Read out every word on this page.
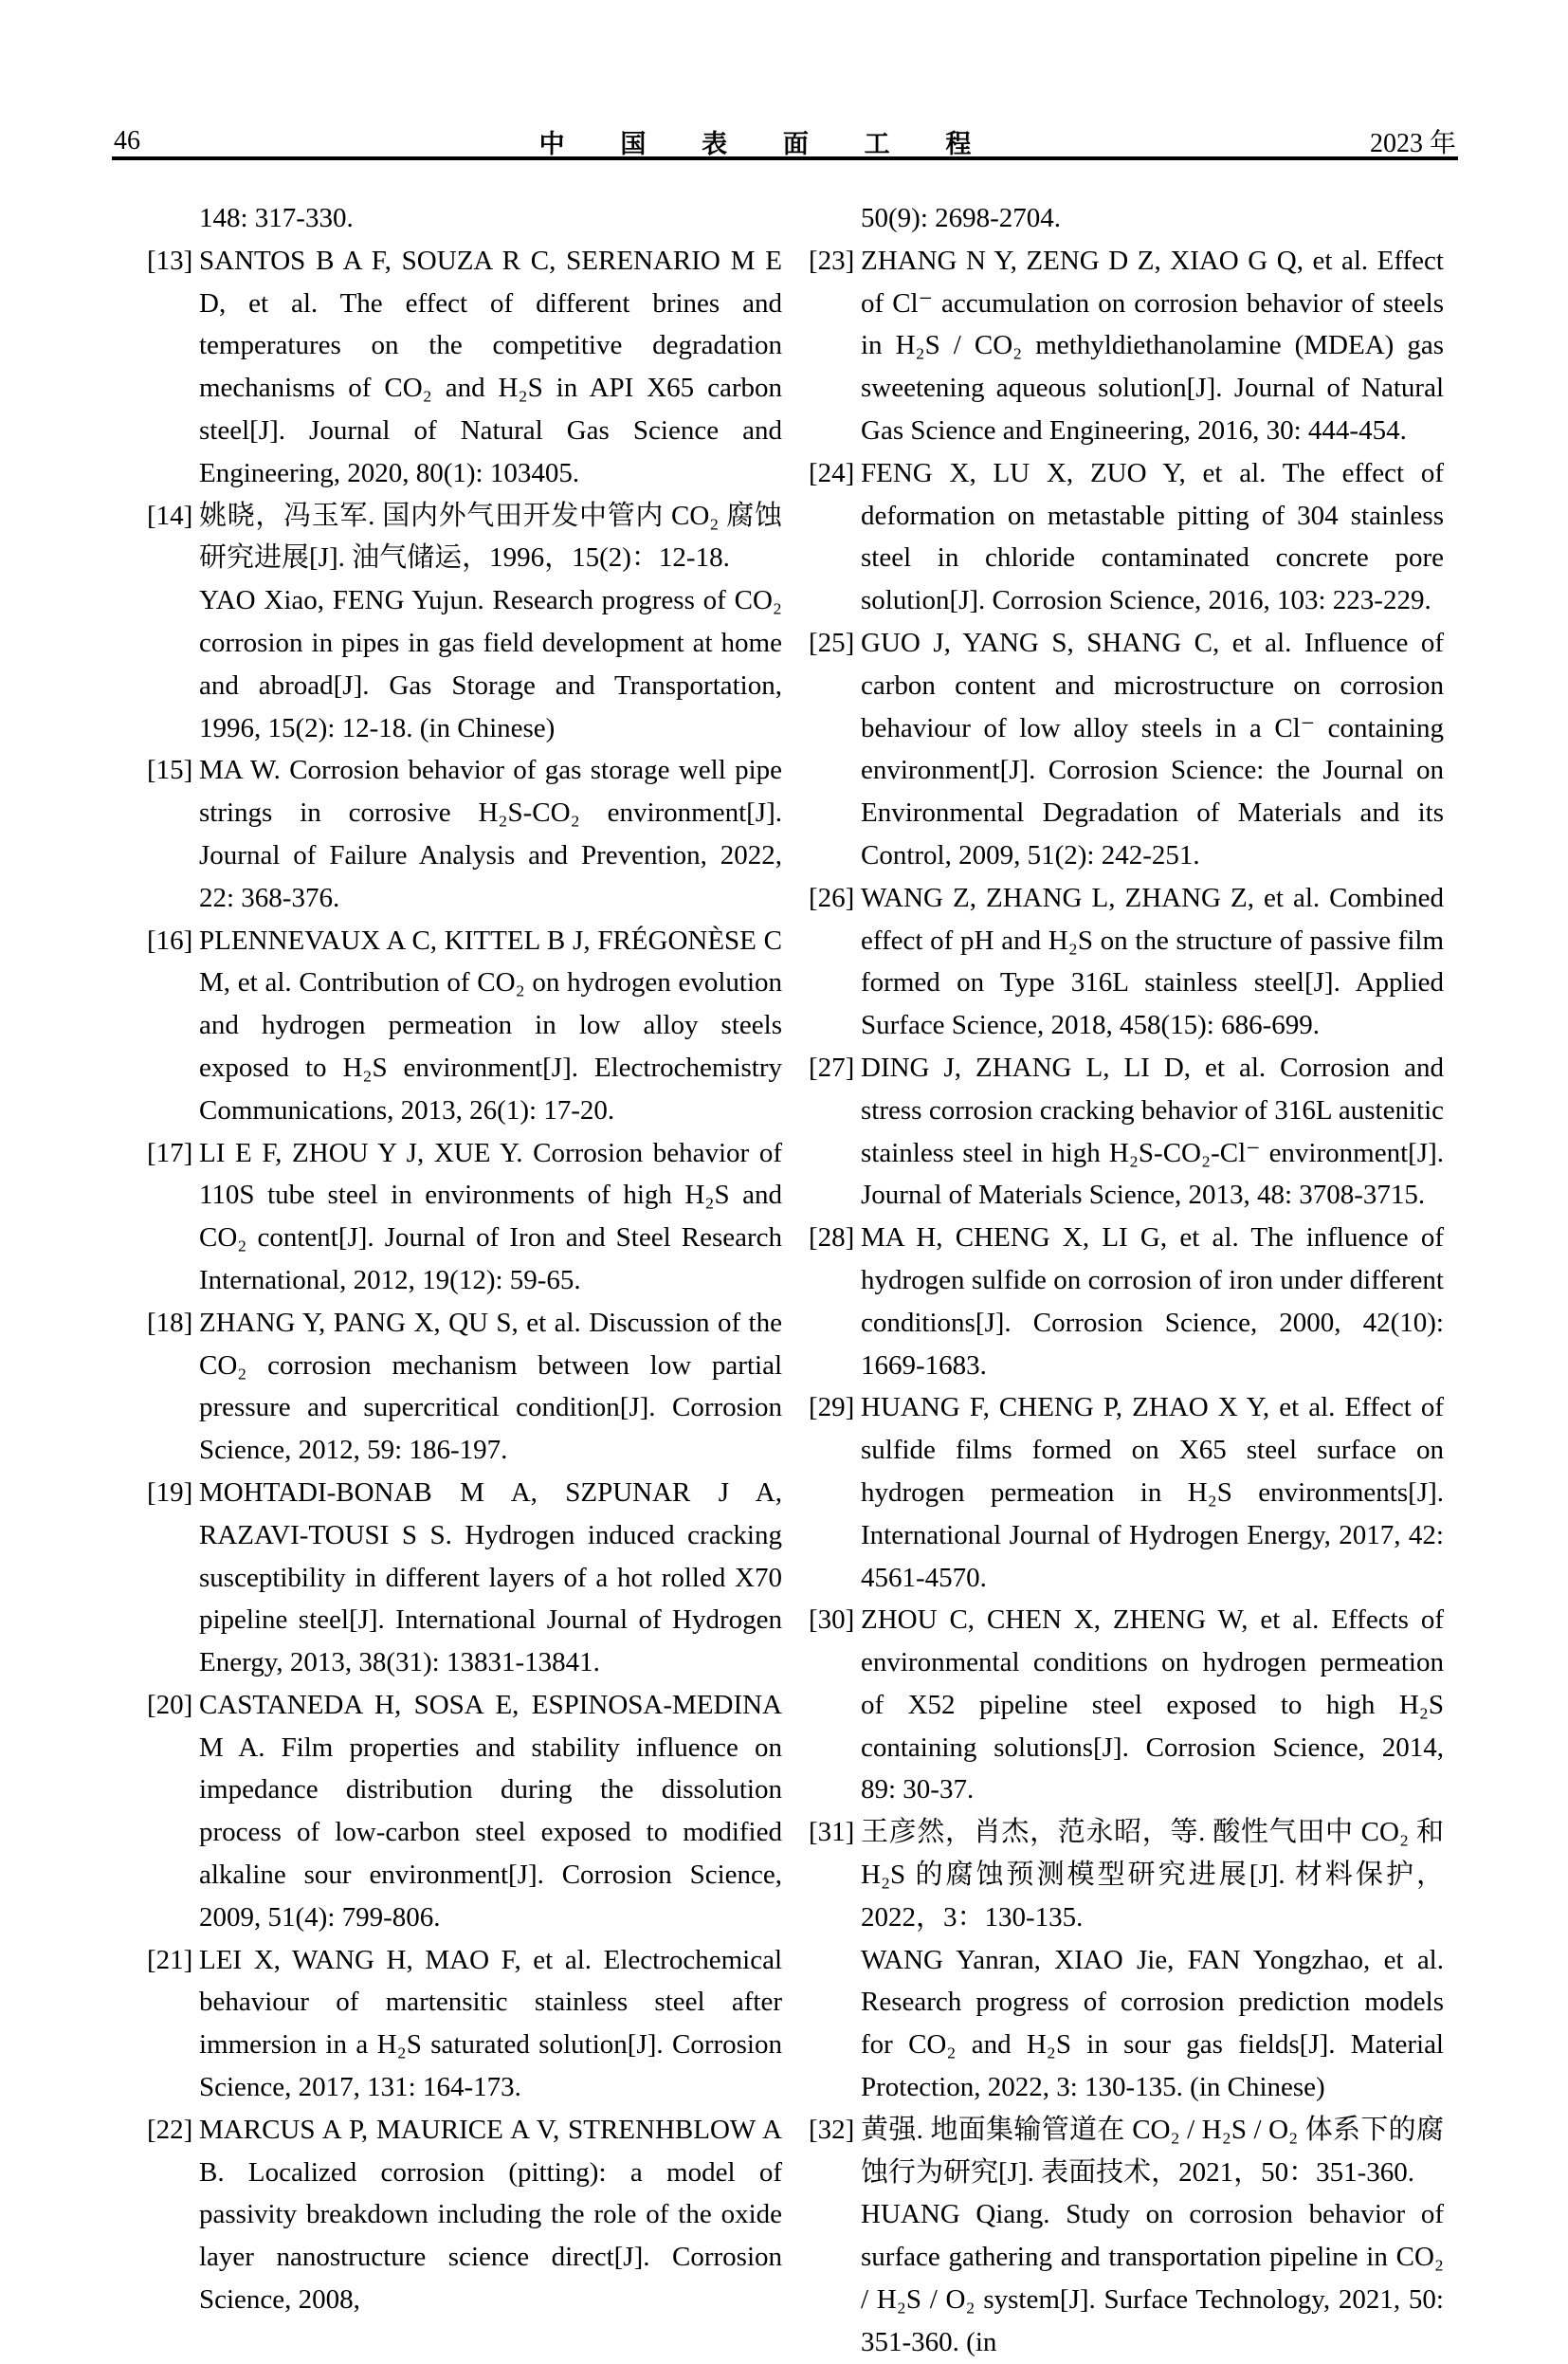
46	中 国 表 面 工 程	2023 年
148: 317-330.
[13] SANTOS B A F, SOUZA R C, SERENARIO M E D, et al. The effect of different brines and temperatures on the competitive degradation mechanisms of CO₂ and H₂S in API X65 carbon steel[J]. Journal of Natural Gas Science and Engineering, 2020, 80(1): 103405.
[14] 姚晓，冯玉军. 国内外气田开发中管内 CO₂ 腐蚀研究进展[J]. 油气储运，1996，15(2)：12-18.
YAO Xiao, FENG Yujun. Research progress of CO₂ corrosion in pipes in gas field development at home and abroad[J]. Gas Storage and Transportation, 1996, 15(2): 12-18. (in Chinese)
[15] MA W. Corrosion behavior of gas storage well pipe strings in corrosive H₂S-CO₂ environment[J]. Journal of Failure Analysis and Prevention, 2022, 22: 368-376.
[16] PLENNEVAUX A C, KITTEL B J, FRÉGONÈSE C M, et al. Contribution of CO₂ on hydrogen evolution and hydrogen permeation in low alloy steels exposed to H₂S environment[J]. Electrochemistry Communications, 2013, 26(1): 17-20.
[17] LI E F, ZHOU Y J, XUE Y. Corrosion behavior of 110S tube steel in environments of high H₂S and CO₂ content[J]. Journal of Iron and Steel Research International, 2012, 19(12): 59-65.
[18] ZHANG Y, PANG X, QU S, et al. Discussion of the CO₂ corrosion mechanism between low partial pressure and supercritical condition[J]. Corrosion Science, 2012, 59: 186-197.
[19] MOHTADI-BONAB M A, SZPUNAR J A, RAZAVI-TOUSI S S. Hydrogen induced cracking susceptibility in different layers of a hot rolled X70 pipeline steel[J]. International Journal of Hydrogen Energy, 2013, 38(31): 13831-13841.
[20] CASTANEDA H, SOSA E, ESPINOSA-MEDINA M A. Film properties and stability influence on impedance distribution during the dissolution process of low-carbon steel exposed to modified alkaline sour environment[J]. Corrosion Science, 2009, 51(4): 799-806.
[21] LEI X, WANG H, MAO F, et al. Electrochemical behaviour of martensitic stainless steel after immersion in a H₂S saturated solution[J]. Corrosion Science, 2017, 131: 164-173.
[22] MARCUS A P, MAURICE A V, STRENHBLOW A B. Localized corrosion (pitting): a model of passivity breakdown including the role of the oxide layer nanostructure science direct[J]. Corrosion Science, 2008,
50(9): 2698-2704.
[23] ZHANG N Y, ZENG D Z, XIAO G Q, et al. Effect of Cl⁻ accumulation on corrosion behavior of steels in H₂S / CO₂ methyldiethanolamine (MDEA) gas sweetening aqueous solution[J]. Journal of Natural Gas Science and Engineering, 2016, 30: 444-454.
[24] FENG X, LU X, ZUO Y, et al. The effect of deformation on metastable pitting of 304 stainless steel in chloride contaminated concrete pore solution[J]. Corrosion Science, 2016, 103: 223-229.
[25] GUO J, YANG S, SHANG C, et al. Influence of carbon content and microstructure on corrosion behaviour of low alloy steels in a Cl⁻ containing environment[J]. Corrosion Science: the Journal on Environmental Degradation of Materials and its Control, 2009, 51(2): 242-251.
[26] WANG Z, ZHANG L, ZHANG Z, et al. Combined effect of pH and H₂S on the structure of passive film formed on Type 316L stainless steel[J]. Applied Surface Science, 2018, 458(15): 686-699.
[27] DING J, ZHANG L, LI D, et al. Corrosion and stress corrosion cracking behavior of 316L austenitic stainless steel in high H₂S-CO₂-Cl⁻ environment[J]. Journal of Materials Science, 2013, 48: 3708-3715.
[28] MA H, CHENG X, LI G, et al. The influence of hydrogen sulfide on corrosion of iron under different conditions[J]. Corrosion Science, 2000, 42(10): 1669-1683.
[29] HUANG F, CHENG P, ZHAO X Y, et al. Effect of sulfide films formed on X65 steel surface on hydrogen permeation in H₂S environments[J]. International Journal of Hydrogen Energy, 2017, 42: 4561-4570.
[30] ZHOU C, CHEN X, ZHENG W, et al. Effects of environmental conditions on hydrogen permeation of X52 pipeline steel exposed to high H₂S containing solutions[J]. Corrosion Science, 2014, 89: 30-37.
[31] 王彦然，肖杰，范永昭，等. 酸性气田中 CO₂ 和 H₂S 的腐蚀预测模型研究进展[J]. 材料保护，2022，3：130-135.
WANG Yanran, XIAO Jie, FAN Yongzhao, et al. Research progress of corrosion prediction models for CO₂ and H₂S in sour gas fields[J]. Material Protection, 2022, 3: 130-135. (in Chinese)
[32] 黄强. 地面集输管道在 CO₂ / H₂S / O₂ 体系下的腐蚀行为研究[J]. 表面技术，2021，50：351-360.
HUANG Qiang. Study on corrosion behavior of surface gathering and transportation pipeline in CO₂ / H₂S / O₂ system[J]. Surface Technology, 2021, 50: 351-360. (in
